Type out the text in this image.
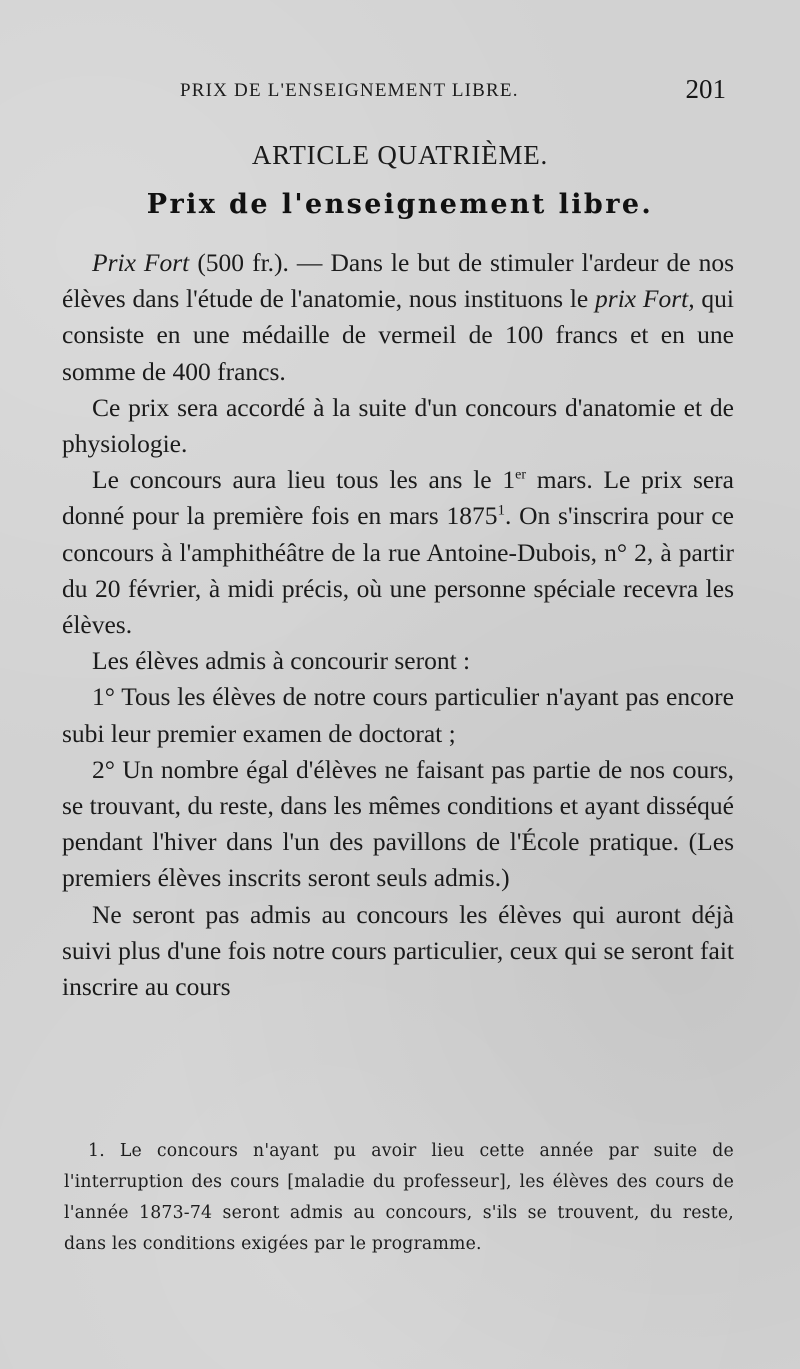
PRIX DE L'ENSEIGNEMENT LIBRE.	201
ARTICLE QUATRIÈME.
Prix de l'enseignement libre.

Prix Fort (500 fr.). — Dans le but de stimuler l'ardeur de nos élèves dans l'étude de l'anatomie, nous instituons le prix Fort, qui consiste en une médaille de vermeil de 100 francs et en une somme de 400 francs.

Ce prix sera accordé à la suite d'un concours d'anatomie et de physiologie.

Le concours aura lieu tous les ans le 1er mars. Le prix sera donné pour la première fois en mars 1875$^1$. On s'inscrira pour ce concours à l'amphithéâtre de la rue Antoine-Dubois, n° 2, à partir du 20 février, à midi précis, où une personne spéciale recevra les élèves.

Les élèves admis à concourir seront :

1° Tous les élèves de notre cours particulier n'ayant pas encore subi leur premier examen de doctorat ;

2° Un nombre égal d'élèves ne faisant pas partie de nos cours, se trouvant, du reste, dans les mêmes conditions et ayant disséqué pendant l'hiver dans l'un des pavillons de l'École pratique. (Les premiers élèves inscrits seront seuls admis.)

Ne seront pas admis au concours les élèves qui auront déjà suivi plus d'une fois notre cours particulier, ceux qui se seront fait inscrire au cours

1. Le concours n'ayant pu avoir lieu cette année par suite de l'interruption des cours [maladie du professeur], les élèves des cours de l'année 1873-74 seront admis au concours, s'ils se trouvent, du reste, dans les conditions exigées par le programme.
